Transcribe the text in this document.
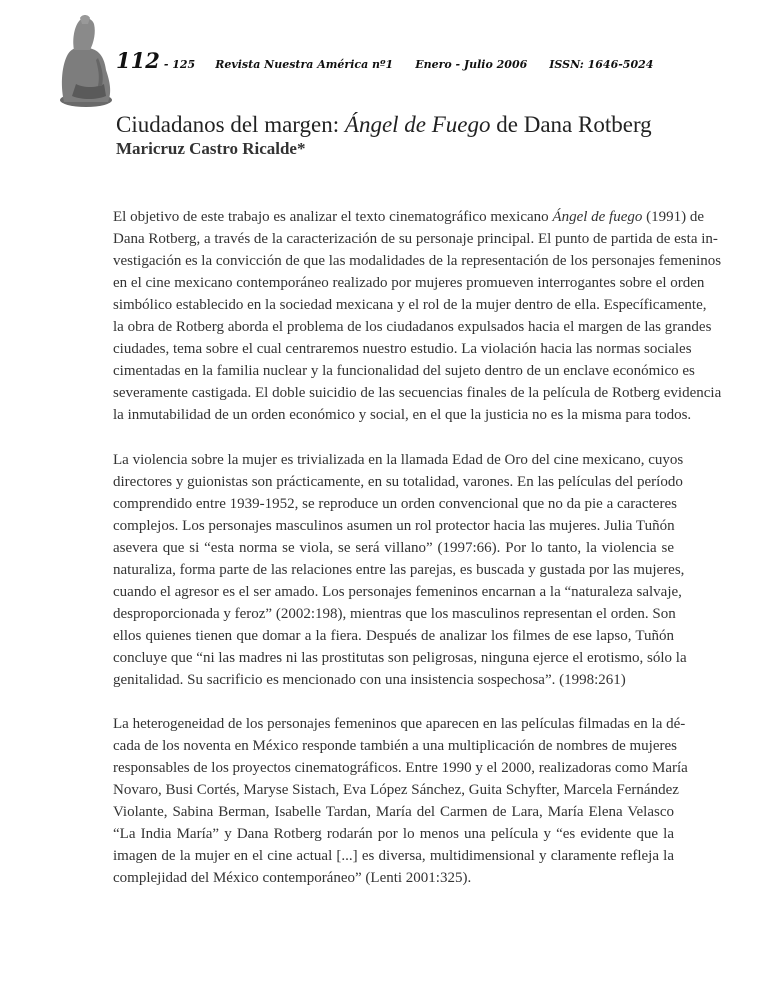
112 - 125 Revista Nuestra América nº1 Enero - Julio 2006 ISSN: 1646-5024
Ciudadanos del margen: Ángel de Fuego de Dana Rotberg
Maricruz Castro Ricalde*
El objetivo de este trabajo es analizar el texto cinematográfico mexicano Ángel de fuego (1991) de
Dana Rotberg, a través de la caracterización de su personaje principal. El punto de partida de esta in-
vestigación es la convicción de que las modalidades de la representación de los personajes femeninos
en el cine mexicano contemporáneo realizado por mujeres promueven interrogantes sobre el orden
simbólico establecido en la sociedad mexicana y el rol de la mujer dentro de ella. Específicamente,
la obra de Rotberg aborda el problema de los ciudadanos expulsados hacia el margen de las grandes
ciudades, tema sobre el cual centraremos nuestro estudio. La violación hacia las normas sociales
cimentadas en la familia nuclear y la funcionalidad del sujeto dentro de un enclave económico es
severamente castigada. El doble suicidio de las secuencias finales de la película de Rotberg evidencia
la inmutabilidad de un orden económico y social, en el que la justicia no es la misma para todos.
La violencia sobre la mujer es trivializada en la llamada Edad de Oro del cine mexicano, cuyos
directores y guionistas son prácticamente, en su totalidad, varones. En las películas del período
comprendido entre 1939-1952, se reproduce un orden convencional que no da pie a caracteres
complejos. Los personajes masculinos asumen un rol protector hacia las mujeres. Julia Tuñón
asevera que si “esta norma se viola, se será villano” (1997:66). Por lo tanto, la violencia se
naturaliza, forma parte de las relaciones entre las parejas, es buscada y gustada por las mujeres,
cuando el agresor es el ser amado. Los personajes femeninos encarnan a la “naturaleza salvaje,
desproporcionada y feroz” (2002:198), mientras que los masculinos representan el orden. Son
ellos quienes tienen que domar a la fiera. Después de analizar los filmes de ese lapso, Tuñón
concluye que “ni las madres ni las prostitutas son peligrosas, ninguna ejerce el erotismo, sólo la
genitalidad. Su sacrificio es mencionado con una insistencia sospechosa”. (1998:261)
La heterogeneidad de los personajes femeninos que aparecen en las películas filmadas en la dé-
cada de los noventa en México responde también a una multiplicación de nombres de mujeres
responsables de los proyectos cinematográficos. Entre 1990 y el 2000, realizadoras como María
Novaro, Busi Cortés, Maryse Sistach, Eva López Sánchez, Guita Schyfter, Marcela Fernández
Violante, Sabina Berman, Isabelle Tardan, María del Carmen de Lara, María Elena Velasco
“La India María” y Dana Rotberg rodarán por lo menos una película y “es evidente que la
imagen de la mujer en el cine actual [...] es diversa, multidimensional y claramente refleja la
complejidad del México contemporáneo” (Lenti 2001:325).
